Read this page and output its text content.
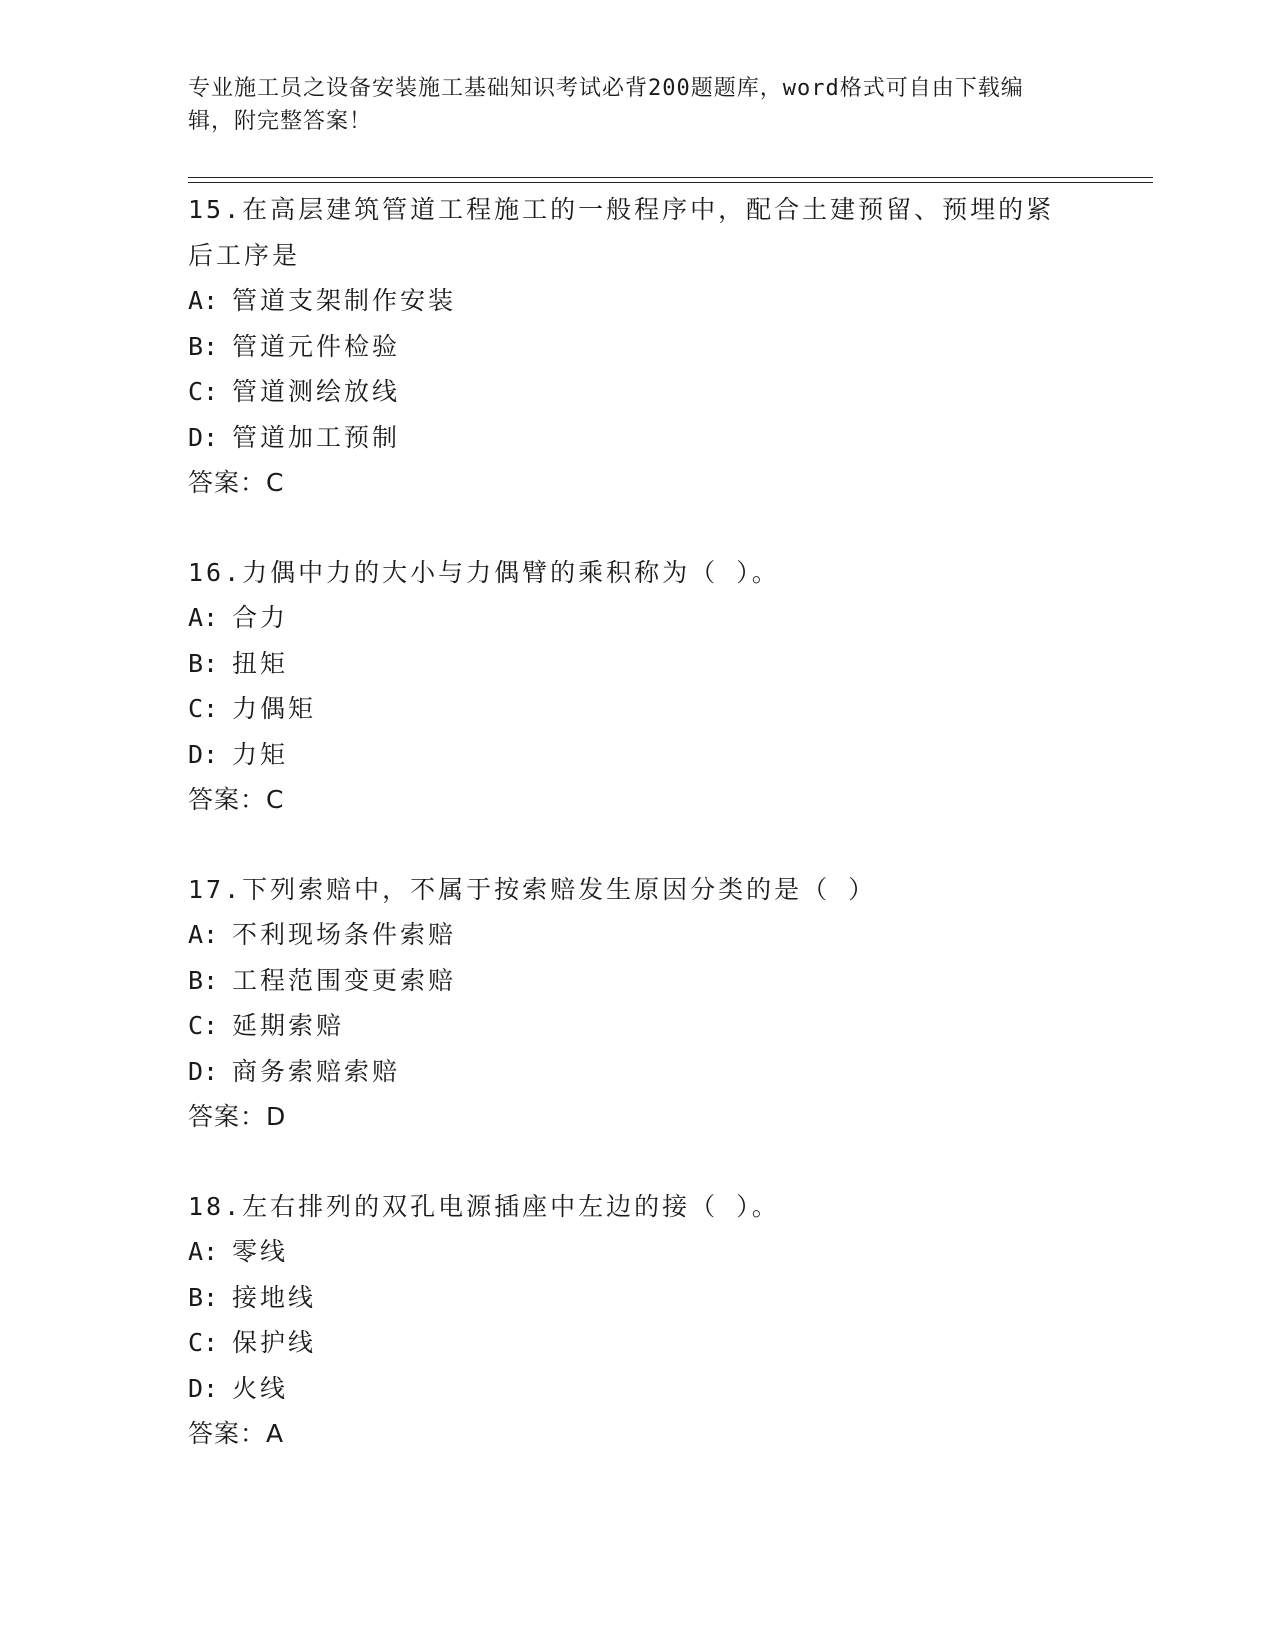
专业施工员之设备安装施工基础知识考试必背200题题库，word格式可自由下载编辑，附完整答案！
15.在高层建筑管道工程施工的一般程序中，配合土建预留、预埋的紧后工序是
A: 管道支架制作安装
B: 管道元件检验
C: 管道测绘放线
D: 管道加工预制
答案：C
16.力偶中力的大小与力偶臂的乘积称为（ ）。
A: 合力
B: 扭矩
C: 力偶矩
D: 力矩
答案：C
17.下列索赔中，不属于按索赔发生原因分类的是（ ）
A: 不利现场条件索赔
B: 工程范围变更索赔
C: 延期索赔
D: 商务索赔索赔
答案：D
18.左右排列的双孔电源插座中左边的接（ ）。
A: 零线
B: 接地线
C: 保护线
D: 火线
答案：A
